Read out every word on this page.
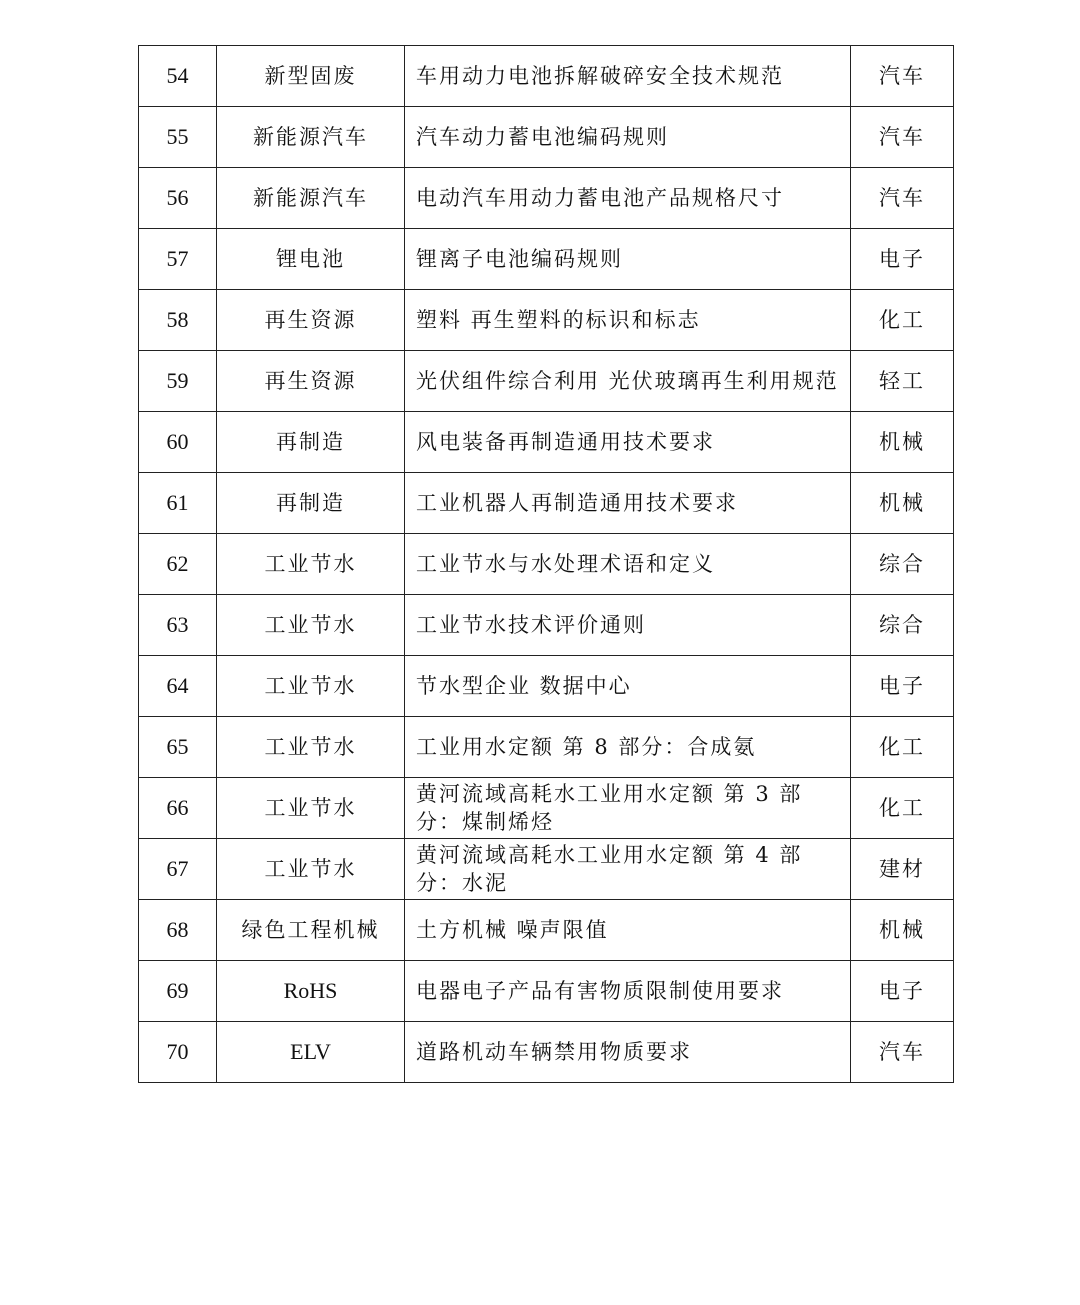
54	新型固废	车用动力电池拆解破碎安全技术规范	汽车
55	新能源汽车	汽车动力蓄电池编码规则	汽车
56	新能源汽车	电动汽车用动力蓄电池产品规格尺寸	汽车
57	锂电池	锂离子电池编码规则	电子
58	再生资源	塑料 再生塑料的标识和标志	化工
59	再生资源	光伏组件综合利用 光伏玻璃再生利用规范	轻工
60	再制造	风电装备再制造通用技术要求	机械
61	再制造	工业机器人再制造通用技术要求	机械
62	工业节水	工业节水与水处理术语和定义	综合
63	工业节水	工业节水技术评价通则	综合
64	工业节水	节水型企业 数据中心	电子
65	工业节水	工业用水定额 第 8 部分：合成氨	化工
66	工业节水	黄河流域高耗水工业用水定额 第 3 部分：煤制烯烃	化工
67	工业节水	黄河流域高耗水工业用水定额 第 4 部分：水泥	建材
68	绿色工程机械	土方机械 噪声限值	机械
69	RoHS	电器电子产品有害物质限制使用要求	电子
70	ELV	道路机动车辆禁用物质要求	汽车
